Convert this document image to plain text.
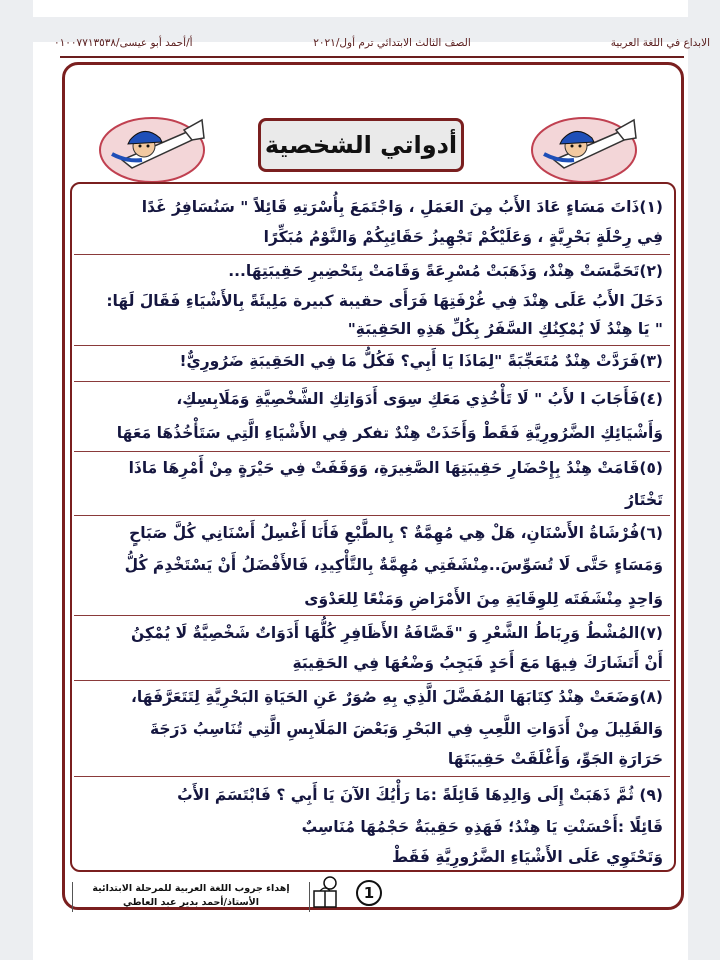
الابداع في اللغة العربية
الصف الثالث الابتدائي ترم أول/٢٠٢١
أ/أحمد أبو عيسى/٠١٠٠٧٧١٣٥٣٨
أدواتي الشخصية
(١)ذَاتَ مَسَاءٍ عَادَ الأَبُ مِنَ العَمَلِ ، وَاجْتَمَعَ بِأُسْرَتِهِ قَائِلاً " سَنُسَافِرُ غَدًا
فِي رِحْلَةٍ بَحْرِيَّةٍ ، وَعَلَيْكُمْ تَجْهِيزُ حَقَائِبِكُمْ وَالنَّوْمُ مُبَكِّرًا
(٢)تَحَمَّسَتْ هِنْدٌ، وَذَهَبَتْ مُسْرِعَةً وَقَامَتْ بِتَحْضِيرِ حَقِيبَتِهَا...
دَخَلَ الأَبُ عَلَى هِنْدَ فِي غُرْفَتِهَا فَرَأَى حقيبة كبيرة مَلِيئَةً بِالأَشْيَاءِ فَقَالَ لَهَا:
" يَا هِنْدُ لَا يُمْكِنُكِ السَّفَرُ بِكُلِّ هَذِهِ الحَقِيبَةِ"
(٣)فَرَدَّتْ هِنْدٌ مُتَعَجِّبَةً "لِمَاذَا يَا أَبِي؟ فَكُلُّ مَا فِي الحَقِيبَةِ ضَرُورِيٌّ!
(٤)فَأَجَابَ ا لأَبُ " لَا تَأْخُذِي مَعَكِ سِوَى أَدَوَاتِكِ الشَّخْصِيَّةِ وَمَلَابِسِكِ،
وَأَشْيَائِكِ الضَّرُورِيَّةِ فَقَطْ وَأَخَذَتْ هِنْدٌ تفكر فِي الأَشْيَاءِ الَّتِي سَتَأْخُذُهَا مَعَهَا
(٥)قَامَتْ هِنْدُ بِإِحْضَارِ حَقِيبَتِهَا الصَّغِيرَةِ، وَوَقَفَتْ فِي حَيْرَةٍ مِنْ أَمْرِهَا مَاذَا
تَخْتَارُ
(٦)فُرْشَاةُ الأَسْنَانِ، هَلْ هِي مُهِمَّةٌ ؟ بِالطَّبْعِ فَأَنَا أَغْسِلُ أَسْنَانِي كُلَّ صَبَاحٍ
وَمَسَاءٍ حَتَّى لَا تُسَوِّسَ..مِنْشَفَتِي مُهِمَّةٌ بِالتَّأْكِيدِ، فَالأَفْضَلُ أَنْ يَسْتَخْدِمَ كُلُّ
وَاحِدٍ مِنْشَفَتَه لِلوِقَايَةِ مِنَ الأَمْرَاضِ وَمَنْعًا لِلعَدْوَى
(٧)المُشْطُ وَرِبَاطُ الشَّعْرِ وَ "قَصَّافَةُ الأَظَافِرِ كُلُّهَا أَدَوَاتٌ شَخْصِيَّةٌ لَا يُمْكِنُ
أَنْ أَتَشَارَكَ فِيهَا مَعَ أَحَدٍ فَيَجِبُ وَضْعُهَا فِي الحَقِيبَةِ
(٨)وَضَعَتْ هِنْدُ كِتَابَهَا المُفَضَّلَ الَّذِي بِهِ صُوَرٌ عَنِ الحَيَاةِ البَحْرِيَّةِ لِتَتَعَرَّفَهَا،
وَالقَلِيلَ مِنْ أَدَوَاتِ اللَّعِبِ فِي البَحْرِ وَبَعْضَ المَلَابِسِ الَّتِي تُنَاسِبُ دَرَجَةَ
حَرَارَةِ الجَوِّ، وَأَغْلَقَتْ حَقِيبَتَهَا
(٩) ثُمَّ ذَهَبَتْ إِلَى وَالِدِهَا قَائِلَةً :مَا رَأْيُكَ الآنَ يَا أَبِي ؟ فَابْتَسَمَ الأَبُ
قَائِلًا :أَحْسَنْتِ يَا هِنْدُ؛ فَهَذِهِ حَقِيبَةٌ حَجْمُهَا مُنَاسِبٌ
وَتَحْتَوِي عَلَى الأَشْيَاءِ الضَّرُورِيَّةِ فَقَطْ
إهداء جروب اللغة العربية للمرحلة الابتدائية
الأستاذ/أحمد بدير عبد العاطي
1
